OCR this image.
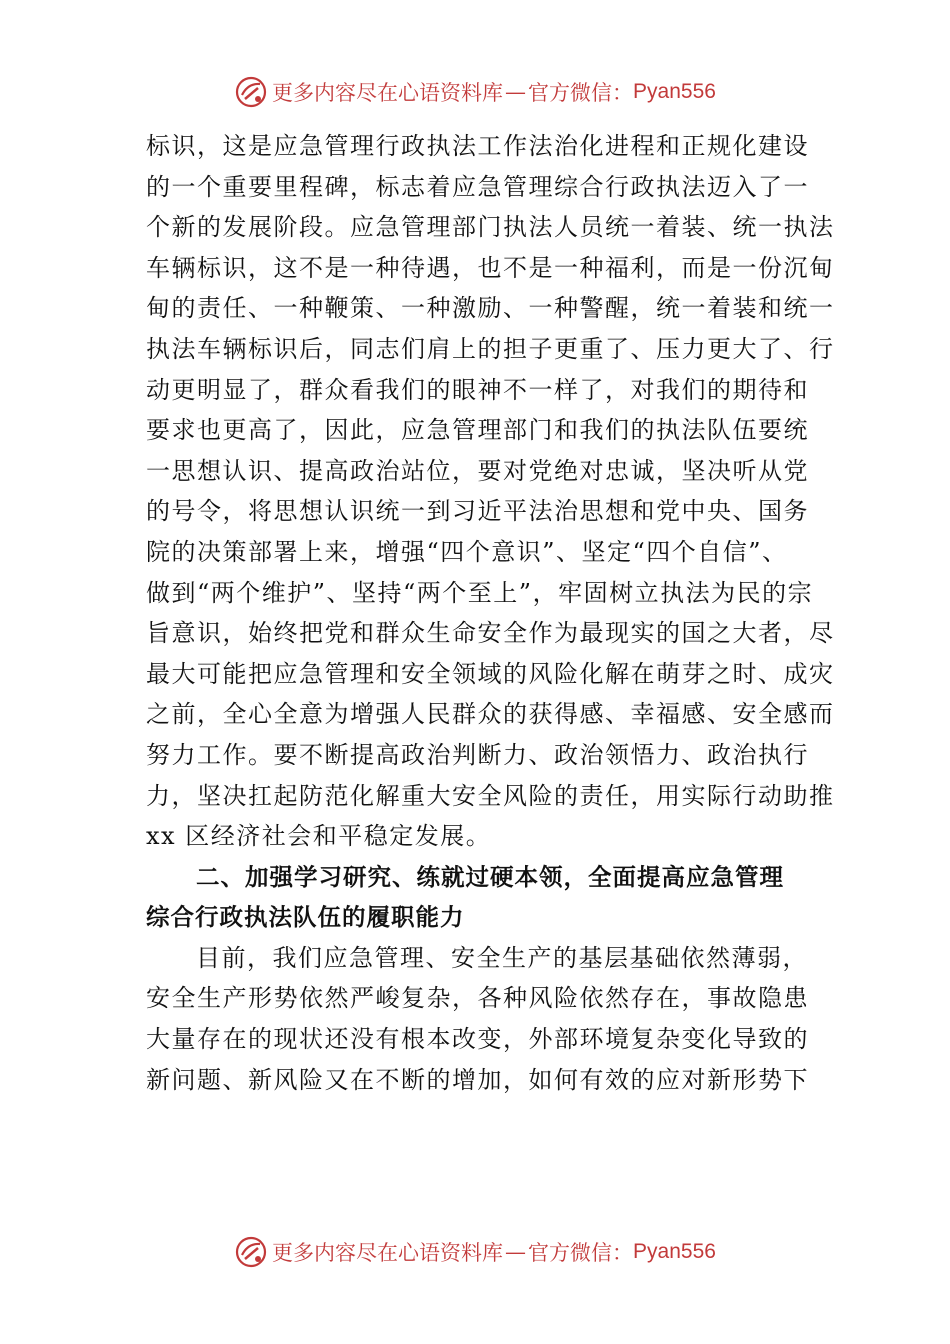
更多内容尽在心语资料库 — 官方微信： Pyan556
标识，这是应急管理行政执法工作法治化进程和正规化建设
的一个重要里程碑，标志着应急管理综合行政执法迈入了一
个新的发展阶段。应急管理部门执法人员统一着装、统一执法
车辆标识，这不是一种待遇，也不是一种福利，而是一份沉甸
甸的责任、一种鞭策、一种激励、一种警醒，统一着装和统一
执法车辆标识后，同志们肩上的担子更重了、压力更大了、行
动更明显了，群众看我们的眼神不一样了，对我们的期待和
要求也更高了，因此，应急管理部门和我们的执法队伍要统
一思想认识、提高政治站位，要对党绝对忠诚，坚决听从党
的号令，将思想认识统一到习近平法治思想和党中央、国务
院的决策部署上来，增强“四个意识”、坚定“四个自信”、
做到“两个维护”、坚持“两个至上”，牢固树立执法为民的宗
旨意识，始终把党和群众生命安全作为最现实的国之大者，尽
最大可能把应急管理和安全领域的风险化解在萌芽之时、成灾
之前，全心全意为增强人民群众的获得感、幸福感、安全感而
努力工作。要不断提高政治判断力、政治领悟力、政治执行
力，坚决扛起防范化解重大安全风险的责任，用实际行动助推
xx 区经济社会和平稳定发展。
二、加强学习研究、练就过硬本领，全面提高应急管理
综合行政执法队伍的履职能力
目前，我们应急管理、安全生产的基层基础依然薄弱，
安全生产形势依然严峻复杂，各种风险依然存在，事故隐患
大量存在的现状还没有根本改变，外部环境复杂变化导致的
新问题、新风险又在不断的增加，如何有效的应对新形势下
更多内容尽在心语资料库 — 官方微信： Pyan556
